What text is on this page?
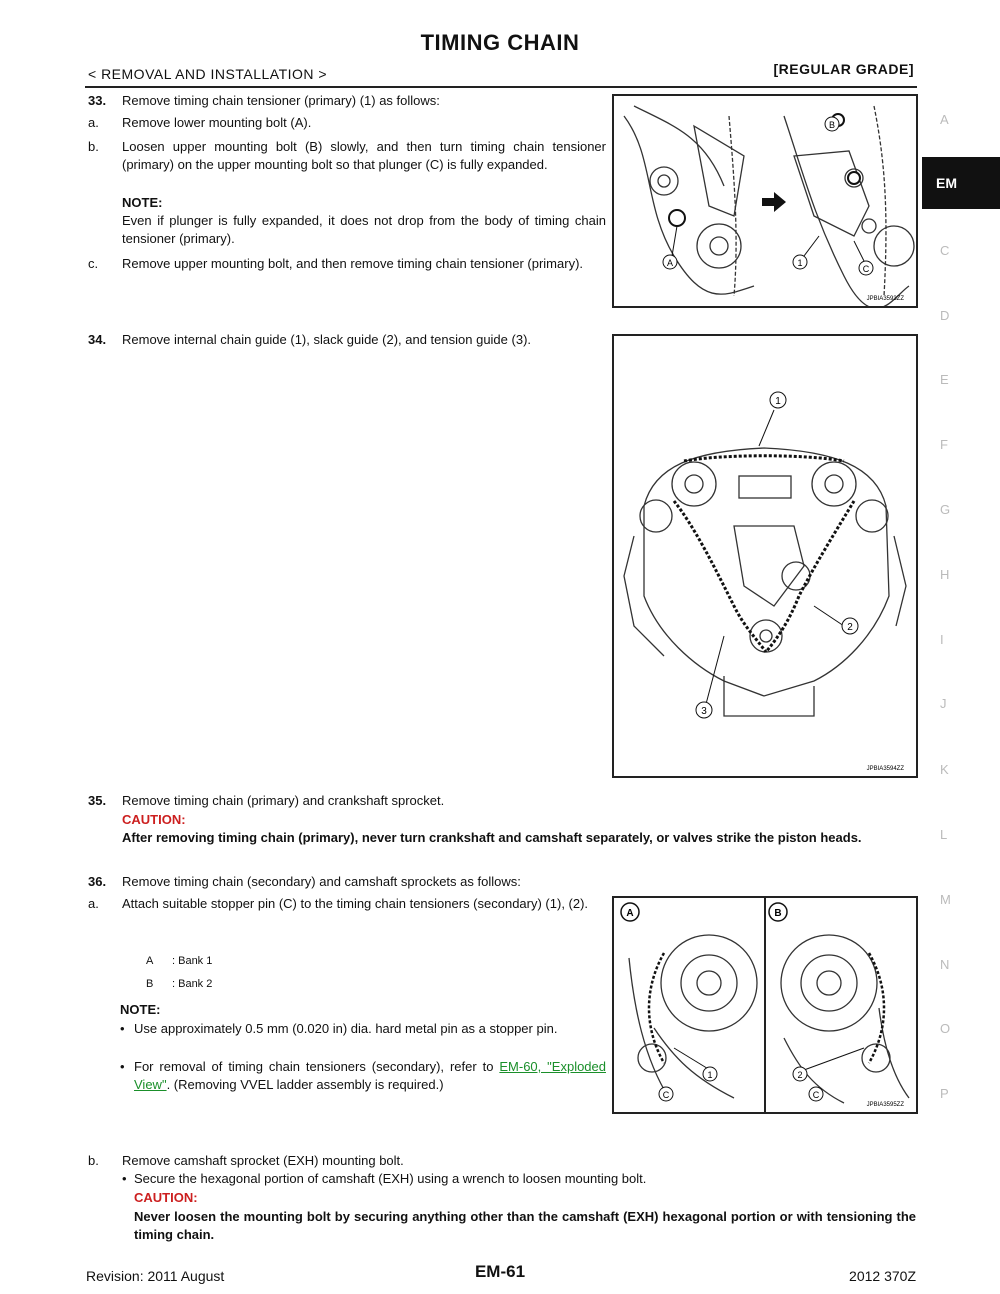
TIMING CHAIN
< REMOVAL AND INSTALLATION >	[REGULAR GRADE]
EM
A
C
D
E
F
G
H
I
J
K
L
M
N
O
P
33.	Remove timing chain tensioner (primary) (1) as follows:
a.	Remove lower mounting bolt (A).
b.	Loosen upper mounting bolt (B) slowly, and then turn timing chain tensioner (primary) on the upper mounting bolt so that plunger (C) is fully expanded.
NOTE:
Even if plunger is fully expanded, it does not drop from the body of timing chain tensioner (primary).
c.	Remove upper mounting bolt, and then remove timing chain tensioner (primary).	A	1
B
C
JPBIA3593ZZ
34.	Remove internal chain guide (1), slack guide (2), and tension guide (3).
1
2
3
JPBIA3594ZZ
35.	Remove timing chain (primary) and crankshaft sprocket.
CAUTION:
After removing timing chain (primary), never turn crankshaft and camshaft separately, or valves strike the piston heads.
36.	Remove timing chain (secondary) and camshaft sprockets as follows:
a.	Attach suitable stopper pin (C) to the timing chain tensioners (secondary) (1), (2).
A : Bank 1
B : Bank 2
NOTE:
• Use approximately 0.5 mm (0.020 in) dia. hard metal pin as a stopper pin.
• For removal of timing chain tensioners (secondary), refer to EM-60, "Exploded View". (Removing VVEL ladder assembly is required.)
A	B
1	2
C	C
JPBIA3595ZZ
b.	Remove camshaft sprocket (EXH) mounting bolt.
• Secure the hexagonal portion of camshaft (EXH) using a wrench to loosen mounting bolt.
CAUTION:
Never loosen the mounting bolt by securing anything other than the camshaft (EXH) hexagonal portion or with tensioning the timing chain.
Revision: 2011 August	EM-61	2012 370Z
